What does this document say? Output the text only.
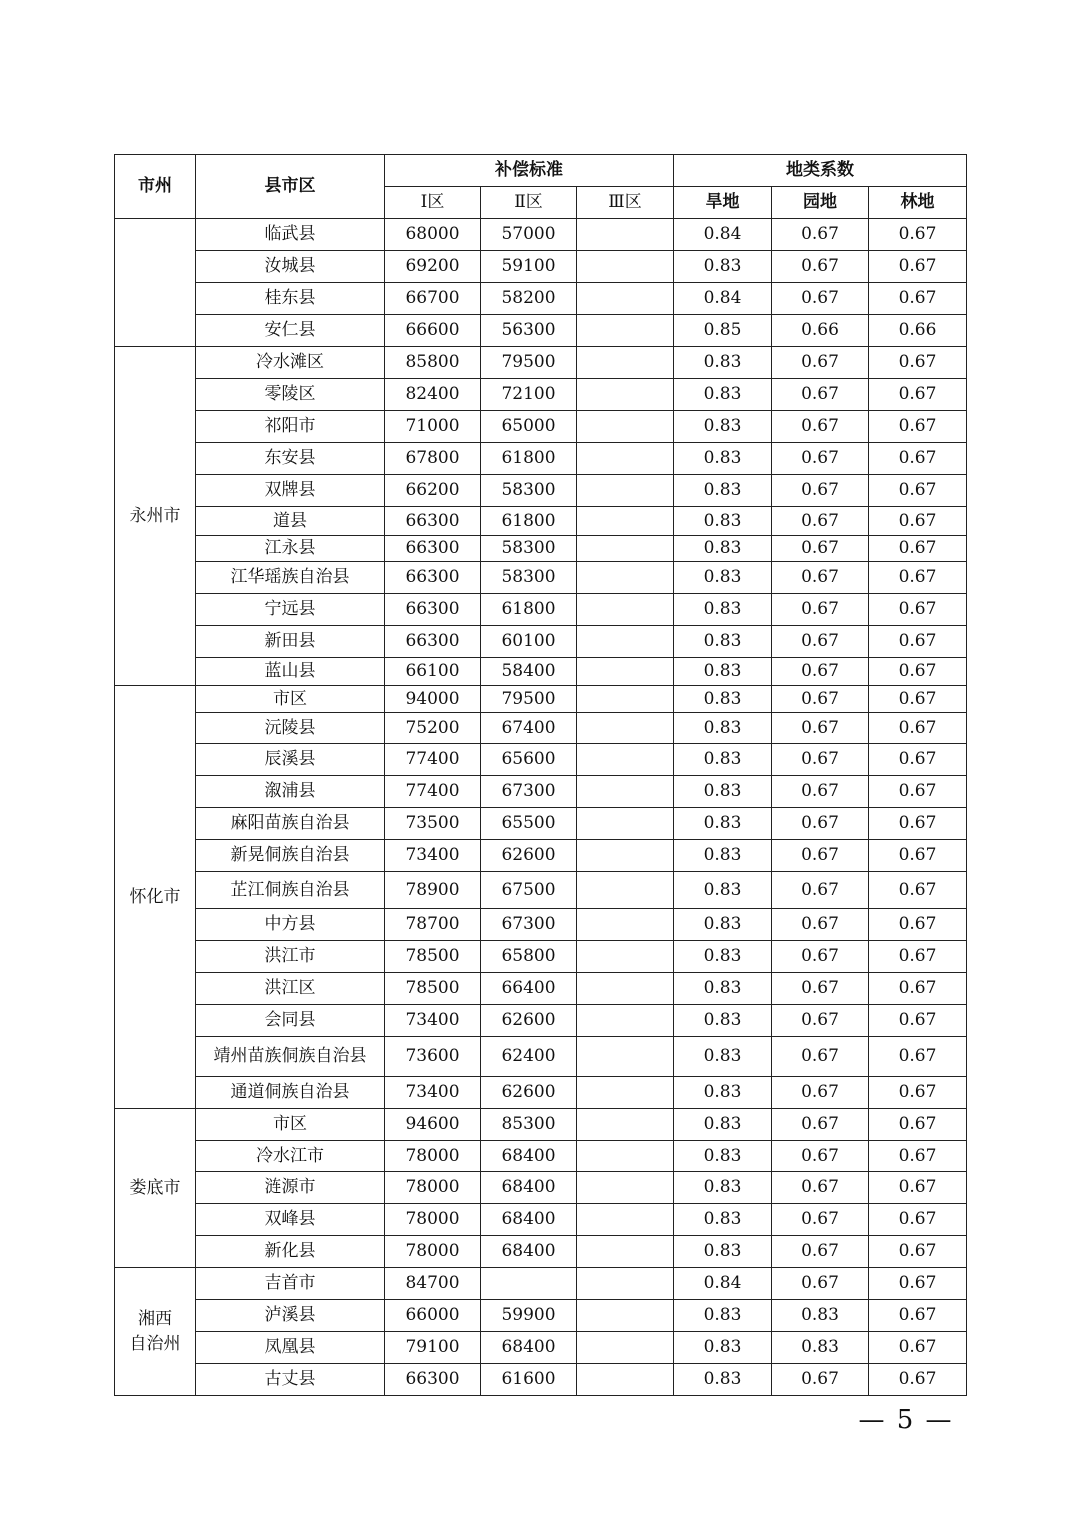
市州	县市区	补偿标准			地类系数		
		Ⅰ区	Ⅱ区	Ⅲ区	旱地	园地	林地
	临武县	68000	57000		0.84	0.67	0.67
	汝城县	69200	59100		0.83	0.67	0.67
	桂东县	66700	58200		0.84	0.67	0.67
	安仁县	66600	56300		0.85	0.66	0.66
永州市	冷水滩区	85800	79500		0.83	0.67	0.67
	零陵区	82400	72100		0.83	0.67	0.67
	祁阳市	71000	65000		0.83	0.67	0.67
	东安县	67800	61800		0.83	0.67	0.67
	双牌县	66200	58300		0.83	0.67	0.67
	道县	66300	61800		0.83	0.67	0.67
	江永县	66300	58300		0.83	0.67	0.67
	江华瑶族自治县	66300	58300		0.83	0.67	0.67
	宁远县	66300	61800		0.83	0.67	0.67
	新田县	66300	60100		0.83	0.67	0.67
	蓝山县	66100	58400		0.83	0.67	0.67
怀化市	市区	94000	79500		0.83	0.67	0.67
	沅陵县	75200	67400		0.83	0.67	0.67
	辰溪县	77400	65600		0.83	0.67	0.67
	溆浦县	77400	67300		0.83	0.67	0.67
	麻阳苗族自治县	73500	65500		0.83	0.67	0.67
	新晃侗族自治县	73400	62600		0.83	0.67	0.67
	芷江侗族自治县	78900	67500		0.83	0.67	0.67
	中方县	78700	67300		0.83	0.67	0.67
	洪江市	78500	65800		0.83	0.67	0.67
	洪江区	78500	66400		0.83	0.67	0.67
	会同县	73400	62600		0.83	0.67	0.67
	靖州苗族侗族自治县	73600	62400		0.83	0.67	0.67
	通道侗族自治县	73400	62600		0.83	0.67	0.67
娄底市	市区	94600	85300		0.83	0.67	0.67
	冷水江市	78000	68400		0.83	0.67	0.67
	涟源市	78000	68400		0.83	0.67	0.67
	双峰县	78000	68400		0.83	0.67	0.67
	新化县	78000	68400		0.83	0.67	0.67

湘西
自治州	吉首市	84700			0.84	0.67	0.67
	泸溪县	66000	59900		0.83	0.83	0.67
	凤凰县	79100	68400		0.83	0.83	0.67
	古丈县	66300	61600		0.83	0.67	0.67
— 5 —
